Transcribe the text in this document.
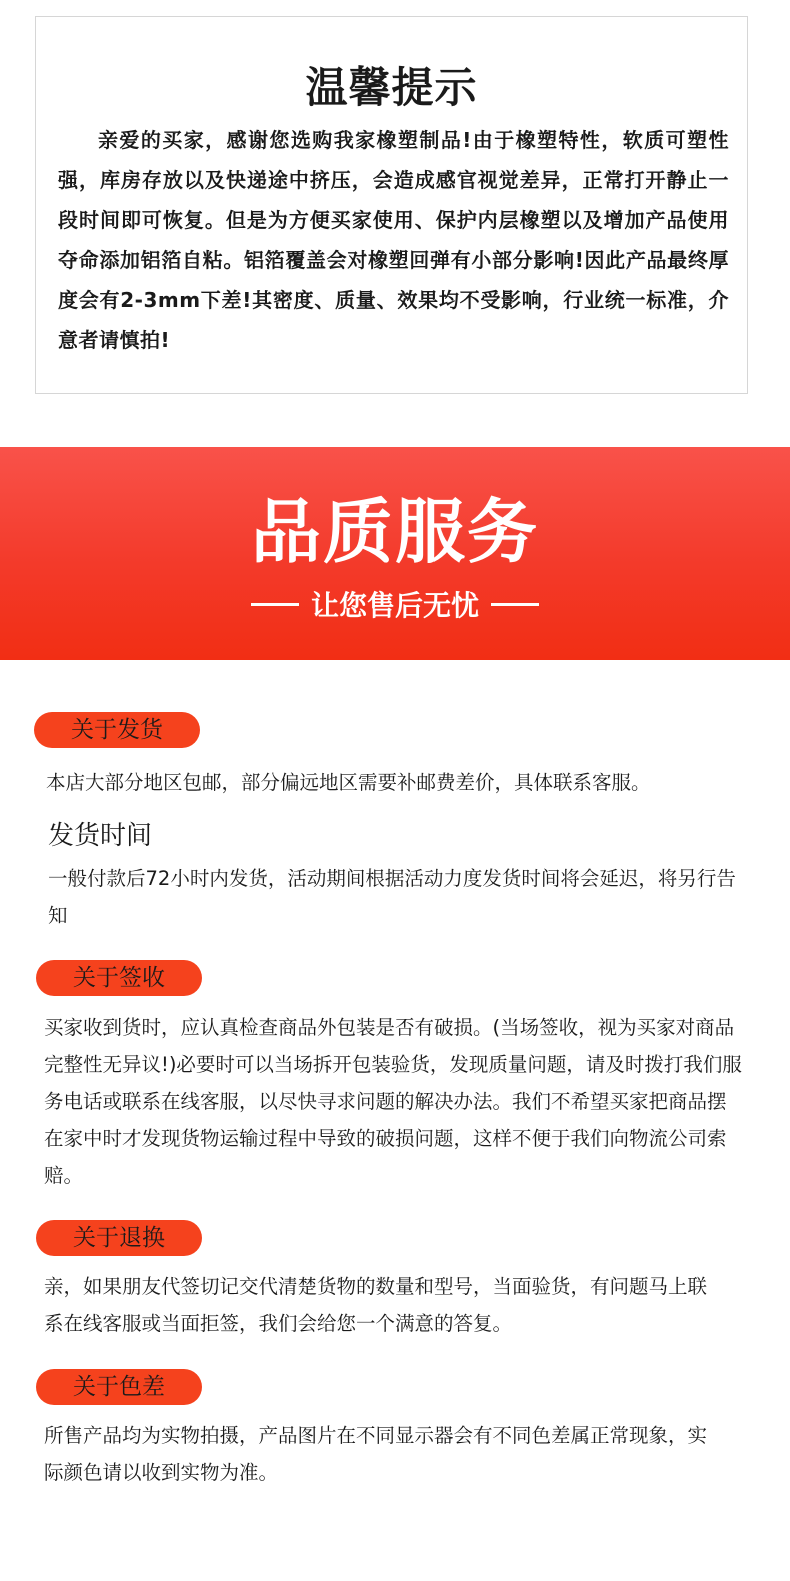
温馨提示
亲爱的买家，感谢您选购我家橡塑制品!由于橡塑特性，软质可塑性强，库房存放以及快递途中挤压，会造成感官视觉差异，正常打开静止一段时间即可恢复。但是为方便买家使用、保护内层橡塑以及增加产品使用夺命添加铝箔自粘。铝箔覆盖会对橡塑回弹有小部分影响!因此产品最终厚度会有2-3mm下差!其密度、质量、效果均不受影响，行业统一标准，介意者请慎拍!
品质服务
让您售后无忧
关于发货
本店大部分地区包邮，部分偏远地区需要补邮费差价，具体联系客服。
发货时间
一般付款后72小时内发货，活动期间根据活动力度发货时间将会延迟，将另行告知
关于签收
买家收到货时，应认真检查商品外包装是否有破损。(当场签收，视为买家对商品完整性无异议!)必要时可以当场拆开包装验货，发现质量问题，请及时拨打我们服务电话或联系在线客服，以尽快寻求问题的解决办法。我们不希望买家把商品摆在家中时才发现货物运输过程中导致的破损问题，这样不便于我们向物流公司索赔。
关于退换
亲，如果朋友代签切记交代清楚货物的数量和型号，当面验货，有问题马上联系在线客服或当面拒签，我们会给您一个满意的答复。
关于色差
所售产品均为实物拍摄，产品图片在不同显示器会有不同色差属正常现象，实际颜色请以收到实物为准。
